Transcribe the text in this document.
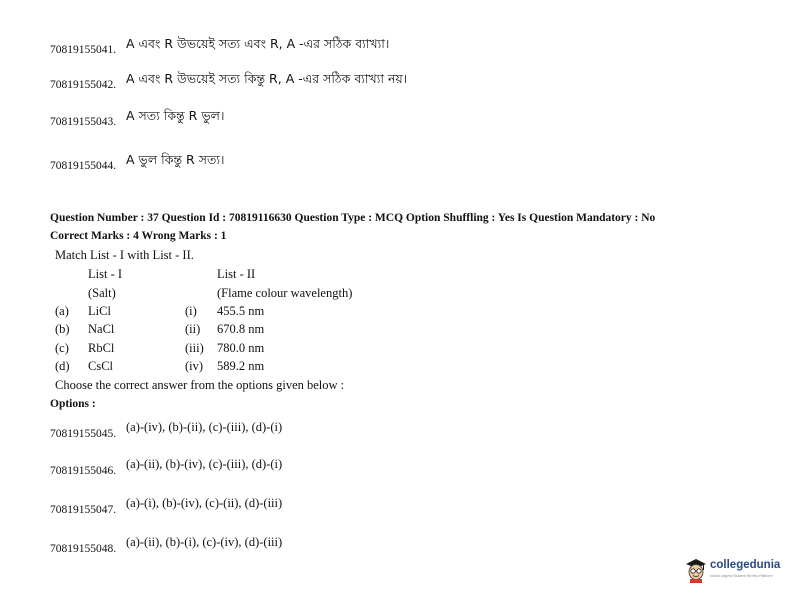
70819155041. A এবং R উভয়েই সত্য এবং R, A -এর সঠিক ব্যাখ্যা।
70819155042. A এবং R উভয়েই সত্য কিন্তু R, A -এর সঠিক ব্যাখ্যা নয়।
70819155043. A সত্য কিন্তু R ভুল।
70819155044. A ভুল কিন্তু R সত্য।
Question Number : 37 Question Id : 70819116630 Question Type : MCQ Option Shuffling : Yes Is Question Mandatory : No
Correct Marks : 4 Wrong Marks : 1
Match List - I with List - II.
List - I	List - II
(Salt)	(Flame colour wavelength)
(a) LiCl	(i) 455.5 nm
(b) NaCl	(ii) 670.8 nm
(c) RbCl	(iii) 780.0 nm
(d) CsCl	(iv) 589.2 nm
Choose the correct answer from the options given below :
Options :
70819155045. (a)-(iv), (b)-(ii), (c)-(iii), (d)-(i)
70819155046. (a)-(ii), (b)-(iv), (c)-(iii), (d)-(i)
70819155047. (a)-(i), (b)-(iv), (c)-(ii), (d)-(iii)
70819155048. (a)-(ii), (b)-(i), (c)-(iv), (d)-(iii)
collegedunia
India's largest Student Review Platform
